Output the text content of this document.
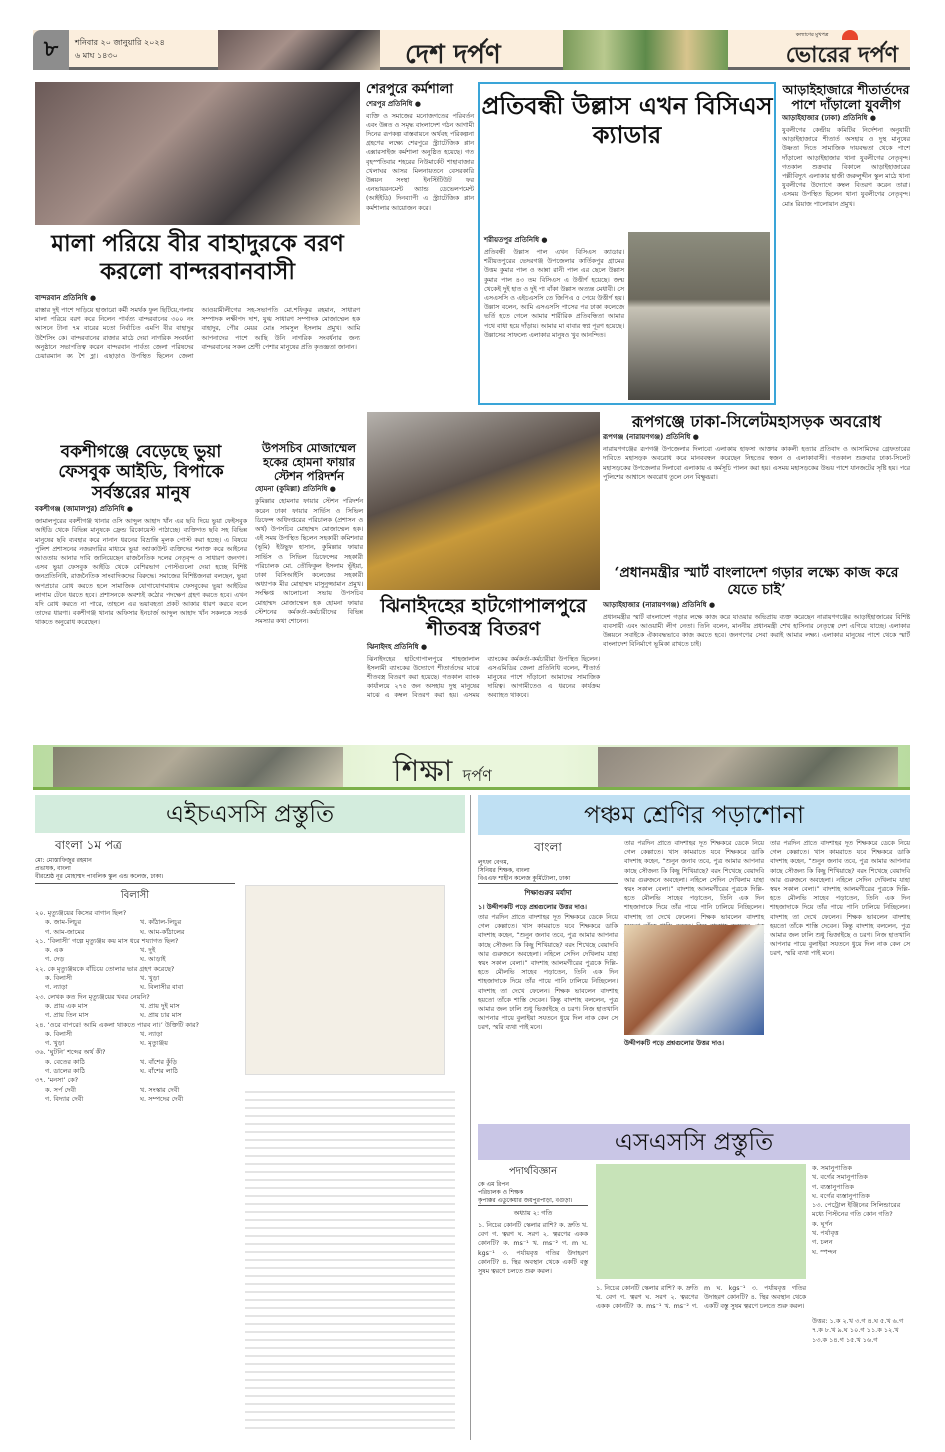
৮	শনিবার ২০ জানুয়ারি ২০২৪
৬ মাঘ ১৪৩০	দেশ দর্পণ
কল্যাণের মুখপত্র
ভোরের দর্পণ
মালা পরিয়ে বীর বাহাদুরকে বরণ করলো বান্দরবানবাসী
বান্দরবান প্রতিনিধি ●
রাস্তার দুই পাশে দাড়িয়ে হাজারো কর্মী সমর্থক ফুল ছিটিয়ে,গলায় মালা পরিয়ে বরণ করে নিলেন পার্বত্য বান্দরবানের ৩০০ নং আসনে টানা ৭ম বারের মতো নির্বাচিত এমপি বীর বাহাদুর উশৈসিং কে। বান্দরবানের রাজার মাঠে দেয়া নাগরিক সংবর্ধনা অনুষ্ঠানে সভাপতিত্ব করেন বান্দরবান পার্বত্য জেলা পরিষদের চেয়ারম্যান ক্য শৈ হ্লা। এছাড়াও উপস্থিত ছিলেন জেলা আওয়ামীলীগের সহ-সভাপতি মো.শফিকুর রহমান, সাধারণ সম্পাদক লক্ষীপদ দাশ, যুগ্ম সাধারণ সম্পাদক মোজাম্মেল হক বাহাদুর, পৌর মেয়র মোঃ সামসুল ইসলাম প্রমুখ। আমি আপনাদের পাশে আছি উনি নাগরিক সংবর্ধনার জন্য বান্দরবানের সকল শ্রেণী পেশার মানুষের প্রতি কৃতজ্ঞতা জানান।
শেরপুরে কর্মশালা
শেরপুর প্রতিনিধি ●
ব্যক্তি ও সমাজের মনোজগতের পরিবর্তন এবং উন্নত ও সমৃদ্ধ বাংলাদেশ গঠন আগামী দিনের রূপকল্প বাস্তবায়নে অর্থবহ পরিকল্পনা গ্রহণের লক্ষ্যে শেরপুরে স্ট্র্যাটেজিক প্লান এক্সারসাইজ কর্মশালা অনুষ্ঠিত হয়েছে। গত বৃহস্পতিবার শহরের নিউমার্কেট শাহাবাজার খেলাঘর আসর মিলনায়তনে বেসরকারি উন্নয়ন সংস্থা ইনস্টিটিউট ফর এনভায়রনমেন্ট অ্যান্ড ডেভেলপমেন্ট (আইইডি) দিনব্যাপী এ স্ট্র্যাটেজিক প্লান কর্মশালার আয়োজন করে।
প্রতিবন্ধী উল্লাস এখন বিসিএস ক্যাডার
শরীয়তপুর প্রতিনিধি ●
প্রতিবন্ধী উল্লাস পাল এখন বিসিএস ক্যাডার। শরীয়তপুরের ভেদরগঞ্জ উপজেলার কার্তিকপুর গ্রামের উত্তম কুমার পাল ও আন্না রানী পাল এর ছেলে উল্লাস কুমার পাল ৪৩ তম বিসিএস এ উত্তীর্ণ হয়েছে। জন্ম থেকেই দুই হাত ও দুই পা বাঁকা উল্লাস অত্যন্ত মেধাবী। সে এসএসসি ও এইচএসসি তে জিপিএ ৫ পেয়ে উত্তীর্ণ হয়। উল্লাস বলেন, আমি এসএসসি পাসের পর ঢাকা কলেজে ভর্তি হতে গেলে আমার শারীরিক প্রতিবন্ধিতা আমার পথে বাধা হয়ে দাঁড়ায়। আমার মা বাবার স্বপ্ন পূরণ হয়েছে। উল্লাসের সাফল্যে এলাকার মানুষও খুব আনন্দিত।
আড়াইহাজারে শীতার্তদের পাশে দাঁড়ালো যুবলীগ
আড়াইহাজার (ঢাকা) প্রতিনিধি ●
যুবলীগের কেন্দ্রীয় কমিটির নির্দেশনা অনুযায়ী আড়াইহাজারে শীতার্ত অসহায় ও দুস্থ মানুষের উষ্ণতা দিতে সামাজিক দায়বদ্ধতা থেকে পাশে দাঁড়ালো আড়াইহাজার থানা যুবলীগের নেতৃবৃন্দ। গতকাল শুক্রবার বিকালে আড়াইহাজারের পল্লীবিদ্যুৎ এলাকার হাজী জরুলুদ্দীন স্কুল মাঠে থানা যুবলীগের উদ্যোগে কম্বল বিতরণ করেন তারা। এসময় উপস্থিত ছিলেন থানা যুবলীগের নেতৃবৃন্দ। মোঃ রিয়াজ পালোয়ান প্রমুখ।
বকশীগঞ্জে বেড়েছে ভুয়া ফেসবুক আইডি, বিপাকে সর্বস্তরের মানুষ
বকশীগঞ্জ (জামালপুর) প্রতিনিধি ●
জামালপুরের বকশীগঞ্জ থানার ওসি আব্দুল আহাদ খাঁন এর ছবি দিয়ে ভুয়া ফেইসবুক আইডি থেকে বিভিন্ন মানুষকে ফ্রেন্ড রিকোয়েস্ট পাঠাচ্ছে। ব্যক্তিগত ছবি সহ বিভিন্ন মানুষের ছবি ব্যবহার করে নানান ধরনের বিভ্রান্তি মূলক পোস্ট করা হচ্ছে। এ বিষয়ে পুলিশ প্রশাসনের নজরদারির মাধ্যমে ভুয়া অ্যাকাউন্ট ব্যক্তিদের শনাক্ত করে আইনের আওতায় আনার দাবি জানিয়েছেন রাজনৈতিক দলের নেতৃবৃন্দ ও সাধারণ জনগণ। এসব ভুয়া ফেসবুক আইডি থেকে বেশিরভাগ পোস্টগুলো দেয়া হচ্ছে বিশিষ্ট জনপ্রতিনিধি, রাজনৈতিক সাংবাদিকদের বিরুদ্ধে। সমাজের বিশিষ্টজনরা বলছেন, ভুয়া অপপ্রচার রোধ করতে হলে সামাজিক যোগাযোগমাধ্যম ফেসবুকের ভুয়া আইডির লাগাম টেনে ধরতে হবে। প্রশাসনকে অবশ্যই কঠোর পদক্ষেপ গ্রহণ করতে হবে। এখন যদি রোধ করতে না পারে, তাহলে এর ভয়াবহতা প্রকট আকার ধারণ করবে বলে তাদের ধারণা। বকশীগঞ্জ থানার অফিসার ইনচার্জ আব্দুল আহাদ খাঁন সকলকে সতর্ক থাকতে অনুরোধ করেছেন।
উপসচিব মোজাম্মেল হকের হোমনা ফায়ার স্টেশন পরিদর্শন
হোমনা (কুমিল্লা) প্রতিনিধি ●
কুমিল্লার হোমনার ফায়ার স্টেশন পরিদর্শন করেন ঢাকা ফায়ার সার্ভিস ও সিভিল ডিফেন্স অধিদপ্তরের পরিচালক (প্রশাসন ও অর্থ) উপসচিব মোহাম্মদ মোজাম্মেল হক। এই সময় উপস্থিত ছিলেন সহকারী কমিশনার (ভূমি) ইউছুফ হাসান, কুমিল্লার ফায়ার সার্ভিস ও সিভিল ডিফেন্সের সহকারী পরিচালক মো. তৌফিকুল ইসলাম ভূঁইয়া, ঢাকা বিসিআইসি কলেজের সহকারী অধ্যাপক মীর মোহাম্মদ মাসুনুজ্জামান প্রমুখ। সংক্ষিপ্ত আলোচনা সভায় উপসচিব মোহাম্মদ মোজাম্মেল হক হোমনা ফায়ার স্টেশনের কর্মকর্তা-কর্মচারীদের বিভিন্ন সমস্যার কথা শোনেন।
রূপগঞ্জে ঢাকা-সিলেটমহাসড়ক অবরোধ
রূপগঞ্জ (নারায়ণগঞ্জ) প্রতিনিধি ●
নারায়ণগঞ্জের রূপগঞ্জ উপজেলার দিলাবো এলাকায় হাফসা আক্তার কাকলী হত্যার প্রতিবাদ ও আসামিদের গ্রেফতারের দাবিতে মহাসড়ক অবরোধ করে মানববন্ধন করেছেন নিহতের স্বজন ও এলাকাবাসী। গতকাল শুক্রবার ঢাকা-সিলেট মহাসড়কের উপজেলার দিলাবো এলাকায় এ কর্মসূচি পালন করা হয়। এসময় মহাসড়কের উভয় পাশে যানজটের সৃষ্টি হয়। পরে পুলিশের আশ্বাসে অবরোধ তুলে নেন বিক্ষুব্ধরা।
‘প্রধানমন্ত্রীর স্মার্ট বাংলাদেশ গড়ার লক্ষ্যে কাজ করে যেতে চাই’
আড়াইহাজার (নারায়ণগঞ্জ) প্রতিনিধি ●
প্রধানমন্ত্রীর স্মার্ট বাংলাদেশ গড়ার লক্ষে কাজ করে যাওয়ার অভিপ্রায় ব্যক্ত করেছেন নারায়ণগঞ্জের আড়াইহাজারের বিশিষ্ট ব্যবসায়ী এবং আওয়ামী লীগ নেতা। তিনি বলেন, মাননীয় প্রধানমন্ত্রী শেখ হাসিনার নেতৃত্বে দেশ এগিয়ে যাচ্ছে। এলাকার উন্নয়নে সবাইকে ঐক্যবদ্ধভাবে কাজ করতে হবে। জনগণের সেবা করাই আমার লক্ষ্য। এলাকার মানুষের পাশে থেকে স্মার্ট বাংলাদেশ বিনির্মাণে ভূমিকা রাখতে চাই।
ঝিনাইদহের হাটগোপালপুরে শীতবস্ত্র বিতরণ
ঝিনাইদহ প্রতিনিধি ●
ঝিনাইদহের হাটগোপালপুরে শাহজালাল ইসলামী ব্যাংকের উদ্যোগে শীতার্তদের মাঝে শীতবস্ত্র বিতরণ করা হয়েছে। গতকাল ব্যাংক কার্যালয়ে ২৭৫ জন অসহায় দুস্থ মানুষের মাঝে এ কম্বল বিতরণ করা হয়। এসময় ব্যাংকের কর্মকর্তা-কর্মচারীরা উপস্থিত ছিলেন। এসএমিডির জেলা প্রতিনিধি বলেন, শীতার্ত মানুষের পাশে দাঁড়ানো আমাদের সামাজিক দায়িত্ব। আগামীতেও এ ধরনের কার্যক্রম অব্যাহত থাকবে।
শিক্ষা দর্পণ
এইচএসসি প্রস্তুতি
বাংলা ১ম পত্র
মো: মোস্তাফিজুর রহমান
প্রভাষক, বাংলা
বীরশ্রেষ্ঠ নূর মোহাম্মদ পাবলিক স্কুল এন্ড কলেজ, ঢাকা।
বিলাসী
২০. মৃত্যুঞ্জয়ের কিসের বাগান ছিল?
ক. জাম-লিচুর	খ. কাঁঠাল-লিচুর
গ. আম-জামের	ঘ. আম-কাঁঠালের
২১. ‘বিলাসী’ গল্পে মৃত্যুঞ্জয় কয় মাস ধরে শয্যাগত ছিল?
ক. এক	খ. দুই
গ. দেড়	ঘ. আড়াই
২২. কে মৃত্যুঞ্জয়কে বাঁচিয়ে তোলার ভার গ্রহণ করেছে?
ক. বিলাসী	খ. খুড়া
গ. ন্যাড়া	ঘ. বিলাসীর বাবা
২৩. লেখক কত দিন মৃত্যুঞ্জয়ের খবর নেয়নি?
ক. প্রায় এক মাস	খ. প্রায় দুই মাস
গ. প্রায় তিন মাস	ঘ. প্রায় চার মাস
২৪. ‘ওরে বাপরে! আমি একলা থাকতে পারব না।’ উক্তিটি কার?
ক. বিলাসী	খ. ন্যাড়া
গ. খুড়া	ঘ. মৃত্যুঞ্জয়
৩৬. ‘ঘুটনি’ শব্দের অর্থ কী?
ক. বেতের কাঠি	খ. বাঁশের কুঁড়ি
গ. ডালের কাঠি	ঘ. বাঁশের লাঠি
৩৭. ‘মনসা’ কে?
ক. সর্প দেবী	খ. সংস্কার দেবী
গ. বিদ্যার দেবী	ঘ. সম্পদের দেবী
পঞ্চম শ্রেণির পড়াশোনা
বাংলা
লুৎফা বেগম,
সিনিয়র শিক্ষক, বাংলা
বিএএফ শাহীন কলেজ কুর্মিটোলা, ঢাকা
শিক্ষাগুরুর মর্যাদা
১। উদ্দীপকটি পড়ে প্রশ্নগুলোর উত্তর দাও।
তার পরদিন প্রাতে বাদশাহর দূত শিক্ষকরে ডেকে নিয়ে গেল কেল্লাতে। খাস কামরাতে যবে শিক্ষকরে ডাকি বাদশাহ কহেন, “শুনুন জনাব তবে, পুত্র আমার আপনার কাছে সৌজন্য কি কিছু শিখিয়াছে? বরং শিখেছে বেয়াদবি আর গুরুজনে অবহেলা। নহিলে সেদিন দেখিলাম যাহা স্বয়ং সকাল বেলা।” বাদশাহ আলমগীরের পুত্রকে দিল্লি-হতে মৌলভি সাহেব পড়াতেন, তিনি এক দিন শাহজাদাকে দিয়ে তাঁর পায়ে পানি ঢালিয়ে নিচ্ছিলেন। বাদশাহ তা দেখে ফেলেন। শিক্ষক ভাবলেন বাদশাহ হয়তো তাঁকে শাস্তি দেবেন। কিন্তু বাদশাহ বললেন, পুত্র আমার জল ঢালি শুধু ভিজাইছে ও চরণ। নিজ হাতখানি আপনার পায়ে বুলাইয়া সযতনে ধুয়ে দিল নাক কেন সে চরণ, স্মরি ব্যথা পাই মনে।
তার পরদিন প্রাতে বাদশাহর দূত শিক্ষকরে ডেকে নিয়ে গেল কেল্লাতে। খাস কামরাতে যবে শিক্ষকরে ডাকি বাদশাহ কহেন, “শুনুন জনাব তবে, পুত্র আমার আপনার কাছে সৌজন্য কি কিছু শিখিয়াছে? বরং শিখেছে বেয়াদবি আর গুরুজনে অবহেলা। নহিলে সেদিন দেখিলাম যাহা স্বয়ং সকাল বেলা।” বাদশাহ আলমগীরের পুত্রকে দিল্লি-হতে মৌলভি সাহেব পড়াতেন, তিনি এক দিন শাহজাদাকে দিয়ে তাঁর পায়ে পানি ঢালিয়ে নিচ্ছিলেন। বাদশাহ তা দেখে ফেলেন। শিক্ষক ভাবলেন বাদশাহ
উদ্দীপকটি পড়ে প্রশ্নগুলোর উত্তর দাও।
তার পরদিন প্রাতে বাদশাহর দূত শিক্ষকরে ডেকে নিয়ে গেল কেল্লাতে। খাস কামরাতে যবে শিক্ষকরে ডাকি বাদশাহ কহেন, “শুনুন জনাব তবে, পুত্র আমার আপনার কাছে সৌজন্য কি কিছু শিখিয়াছে? বরং শিখেছে বেয়াদবি আর গুরুজনে অবহেলা। নহিলে সেদিন দেখিলাম যাহা স্বয়ং সকাল বেলা।” বাদশাহ আলমগীরের পুত্রকে দিল্লি-হতে মৌলভি সাহেব পড়াতেন, তিনি এক দিন শাহজাদাকে দিয়ে তাঁর পায়ে পানি ঢালিয়ে নিচ্ছিলেন। বাদশাহ তা দেখে ফেলেন। শিক্ষক ভাবলেন বাদশাহ হয়তো তাঁকে শাস্তি দেবেন। কিন্তু বাদশাহ বললেন, পুত্র আমার জল ঢালি শুধু ভিজাইছে ও চরণ। নিজ হাতখানি আপনার পায়ে বুলাইয়া সযতনে ধুয়ে দিল নাক কেন সে চরণ, স্মরি ব্যথা পাই মনে।
এসএসসি প্রস্তুতি
পদার্থবিজ্ঞান
কে এম রিপন
পরিচালক ও শিক্ষক
কৃপাক্কর এডুকেয়ার জয়পুরপাড়া, বগুড়া।
অধ্যায় ২: গতি
১. নিচের কোনটি স্কেলার রাশি? ক. দ্রুতি খ. বেগ গ. ত্বরণ ঘ. সরণ ২. ত্বরণের একক কোনটি? ক. ms⁻¹ খ. ms⁻² গ. m ঘ. kgs⁻¹ ৩. পর্যায়বৃত্ত গতির উদাহরণ কোনটি? ৪. স্থির অবস্থান থেকে একটি বস্তু সুষম ত্বরণে চলতে শুরু করল।
১. নিচের কোনটি স্কেলার রাশি? ক. দ্রুতি খ. বেগ গ. ত্বরণ ঘ. সরণ ২. ত্বরণের একক কোনটি? ক. ms⁻¹ খ. ms⁻² গ. m ঘ. kgs⁻¹ ৩. পর্যায়বৃত্ত গতির উদাহরণ কোনটি? ৪. স্থির অবস্থান থেকে একটি বস্তু সুষম ত্বরণে চলতে শুরু করল।
ক. সমানুপাতিক
খ. বর্গের সমানুপাতিক
গ. ব্যস্তানুপাতিক
ঘ. বর্গের ব্যস্তানুপাতিক
১৩. পেট্রোল ইঞ্জিনের সিলিন্ডারের মধ্যে পিস্টনের গতি কোন গতি?
ক. ঘূর্ণন
খ. পর্যাবৃত্ত
গ. চলন
ঘ. স্পন্দন
উত্তর: ১.ক ২.খ ৩.গ ৪.ঘ ৫.খ ৬.গ ৭.ক ৮.খ ৯.ঘ ১০.গ ১১.ক ১২.খ ১৩.ক ১৪.গ ১৫.খ ১৬.গ
